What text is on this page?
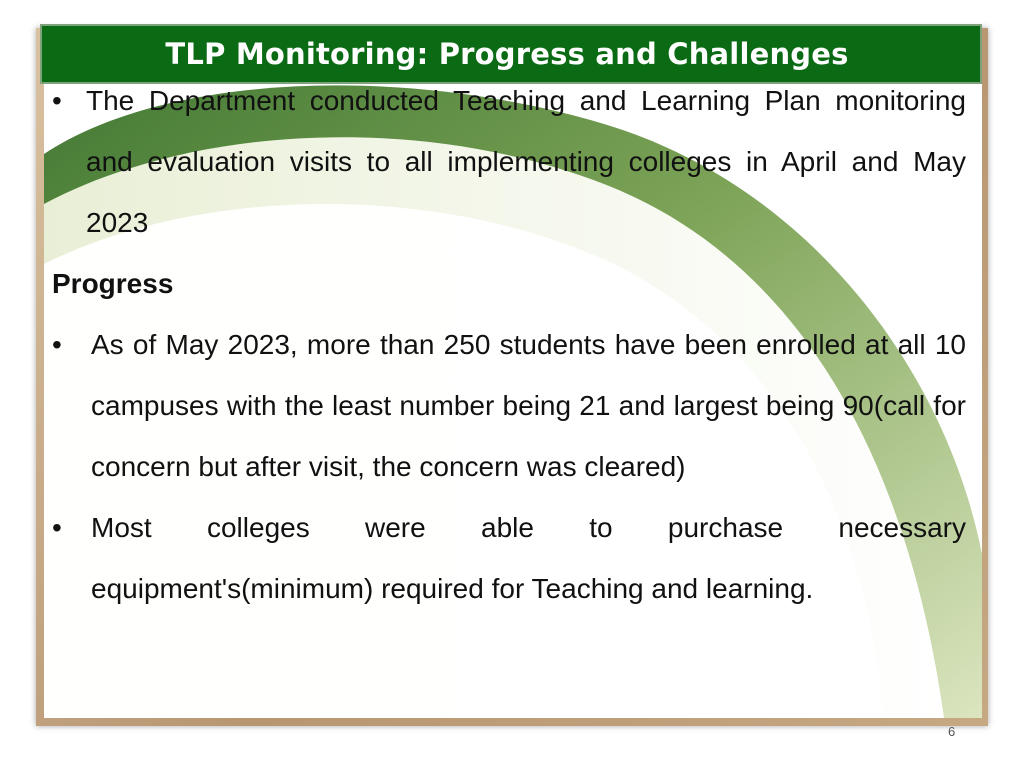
TLP Monitoring: Progress and Challenges
• The Department conducted Teaching and Learning Plan monitoring and evaluation visits to all implementing colleges in April and May 2023
Progress
• As of May 2023, more than 250 students have been enrolled at all 10 campuses with the least number being 21 and largest being 90(call for concern but after visit, the concern was cleared)
• Most colleges were able to purchase necessary equipment's(minimum) required for Teaching and learning.
6
